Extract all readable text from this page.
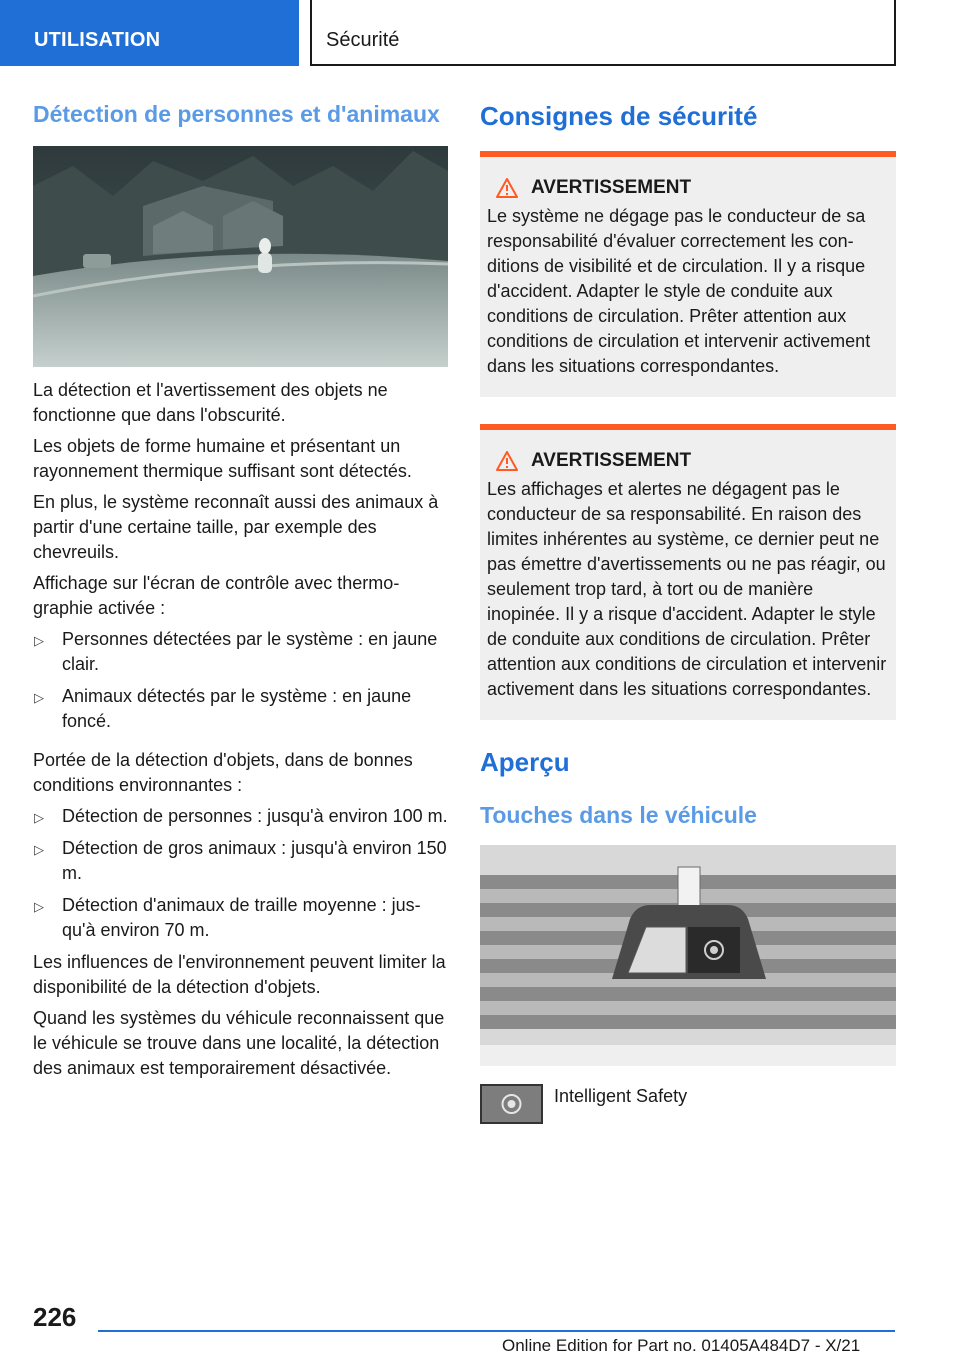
UTILISATION	Sécurité
Détection de personnes et d'animaux

La détection et l'avertissement des objets ne fonctionne que dans l'obscurité.

Les objets de forme humaine et présentant un rayonnement thermique suffisant sont détectés.

En plus, le système reconnaît aussi des animaux à partir d'une certaine taille, par exemple des chevreuils.

Affichage sur l'écran de contrôle avec thermographie activée :

▷ Personnes détectées par le système : en jaune clair.
▷ Animaux détectés par le système : en jaune foncé.

Portée de la détection d'objets, dans de bonnes conditions environnantes :

▷ Détection de personnes : jusqu'à environ 100 m.
▷ Détection de gros animaux : jusqu'à environ 150 m.
▷ Détection d'animaux de traille moyenne : jusqu'à environ 70 m.

Les influences de l'environnement peuvent limiter la disponibilité de la détection d'objets.

Quand les systèmes du véhicule reconnaissent que le véhicule se trouve dans une localité, la détection des animaux est temporairement désactivée.

Consignes de sécurité
AVERTISSEMENT

Le système ne dégage pas le conducteur de sa responsabilité d'évaluer correctement les conditions de visibilité et de circulation. Il y a risque d'accident. Adapter le style de conduite aux conditions de circulation. Prêter attention aux conditions de circulation et intervenir activement dans les situations correspondantes.

AVERTISSEMENT

Les affichages et alertes ne dégagent pas le conducteur de sa responsabilité. En raison des limites inhérentes au système, ce dernier peut ne pas émettre d'avertissements ou ne pas réagir, ou seulement trop tard, à tort ou de manière inopinée. Il y a risque d'accident. Adapter le style de conduite aux conditions de circulation. Prêter attention aux conditions de circulation et intervenir activement dans les situations correspondantes.

Aperçu
Touches dans le véhicule
Intelligent Safety
226
Online Edition for Part no. 01405A484D7 - X/21
